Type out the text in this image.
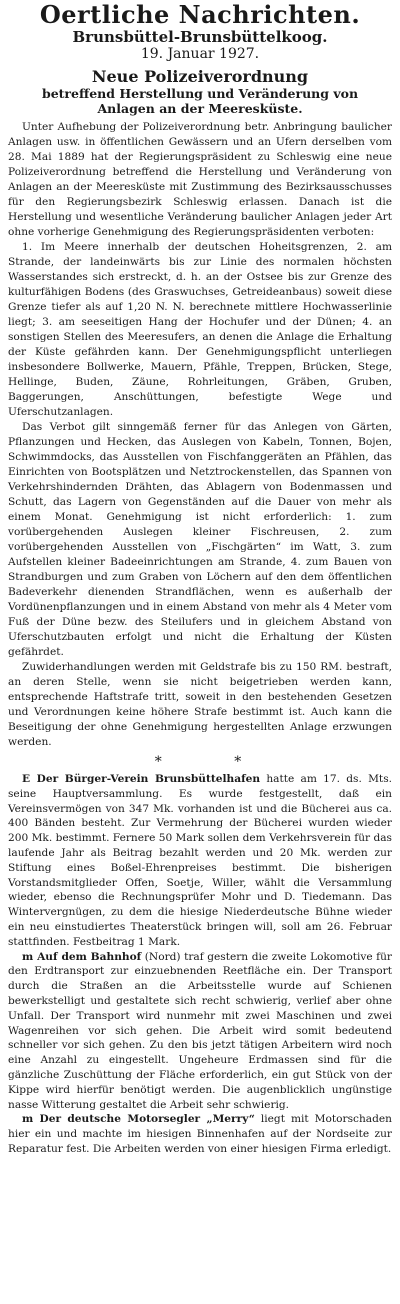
Oertliche Nachrichten.
Brunsbüttel-Brunsbüttelkoog.
19. Januar 1927.
Neue Polizeiverordnung
betreffend Herstellung und Veränderung von
Anlagen an der Meeresküste.

Unter Aufhebung der Polizeiverordnung betr. Anbringung baulicher Anlagen usw. in öffentlichen Gewässern und an Ufern derselben vom 28. Mai 1889 hat der Regierungspräsident zu Schleswig eine neue Polizeiverordnung betreffend die Herstellung und Veränderung von Anlagen an der Meeresküste mit Zustimmung des Bezirksausschusses für den Regierungsbezirk Schleswig erlassen. Danach ist die Herstellung und wesentliche Veränderung baulicher Anlagen jeder Art ohne vorherige Genehmigung des Regierungspräsidenten verboten:

1. Im Meere innerhalb der deutschen Hoheitsgrenzen, 2. am Strande, der landeinwärts bis zur Linie des normalen höchsten Wasserstandes sich erstreckt, d. h. an der Ostsee bis zur Grenze des kulturfähigen Bodens (des Graswuchses, Getreideanbaus) soweit diese Grenze tiefer als auf 1,20 N. N. berechnete mittlere Hochwasserlinie liegt; 3. am seeseitigen Hang der Hochufer und der Dünen; 4. an sonstigen Stellen des Meeresufers, an denen die Anlage die Erhaltung der Küste gefährden kann. Der Genehmigungspflicht unterliegen insbesondere Bollwerke, Mauern, Pfähle, Treppen, Brücken, Stege, Hellinge, Buden, Zäune, Rohrleitungen, Gräben, Gruben, Baggerungen, Anschüttungen, befestigte Wege und Uferschutzanlagen.

Das Verbot gilt sinngemäß ferner für das Anlegen von Gärten, Pflanzungen und Hecken, das Auslegen von Kabeln, Tonnen, Bojen, Schwimmdocks, das Ausstellen von Fischfanggeräten an Pfählen, das Einrichten von Bootsplätzen und Netztrockenstellen, das Spannen von Verkehrshindernden Drähten, das Ablagern von Bodenmassen und Schutt, das Lagern von Gegenständen auf die Dauer von mehr als einem Monat. Genehmigung ist nicht erforderlich: 1. zum vorübergehenden Auslegen kleiner Fischreusen, 2. zum vorübergehenden Ausstellen von „Fischgärten“ im Watt, 3. zum Aufstellen kleiner Badeeinrichtungen am Strande, 4. zum Bauen von Strandburgen und zum Graben von Löchern auf den dem öffentlichen Badeverkehr dienenden Strandflächen, wenn es außerhalb der Vordünenpflanzungen und in einem Abstand von mehr als 4 Meter vom Fuß der Düne bezw. des Steilufers und in gleichem Abstand von Uferschutzbauten erfolgt und nicht die Erhaltung der Küsten gefährdet.

Zuwiderhandlungen werden mit Geldstrafe bis zu 150 RM. bestraft, an deren Stelle, wenn sie nicht beigetrieben werden kann, entsprechende Haftstrafe tritt, soweit in den bestehenden Gesetzen und Verordnungen keine höhere Strafe bestimmt ist. Auch kann die Beseitigung der ohne Genehmigung hergestellten Anlage erzwungen werden.

* *

E Der Bürger-Verein Brunsbüttelhafen hatte am 17. ds. Mts. seine Hauptversammlung. Es wurde festgestellt, daß ein Vereinsvermögen von 347 Mk. vorhanden ist und die Bücherei aus ca. 400 Bänden besteht. Zur Vermehrung der Bücherei wurden wieder 200 Mk. bestimmt. Fernere 50 Mark sollen dem Verkehrsverein für das laufende Jahr als Beitrag bezahlt werden und 20 Mk. werden zur Stiftung eines Boßel-Ehrenpreises bestimmt. Die bisherigen Vorstandsmitglieder Offen, Soetje, Willer, wählt die Versammlung wieder, ebenso die Rechnungsprüfer Mohr und D. Tiedemann. Das Wintervergnügen, zu dem die hiesige Niederdeutsche Bühne wieder ein neu einstudiertes Theaterstück bringen will, soll am 26. Februar stattfinden. Festbeitrag 1 Mark.

m Auf dem Bahnhof (Nord) traf gestern die zweite Lokomotive für den Erdtransport zur einzuebnenden Reetfläche ein. Der Transport durch die Straßen an die Arbeitsstelle wurde auf Schienen bewerkstelligt und gestaltete sich recht schwierig, verlief aber ohne Unfall. Der Transport wird nunmehr mit zwei Maschinen und zwei Wagenreihen vor sich gehen. Die Arbeit wird somit bedeutend schneller vor sich gehen. Zu den bis jetzt tätigen Arbeitern wird noch eine Anzahl zu eingestellt. Ungeheure Erdmassen sind für die gänzliche Zuschüttung der Fläche erforderlich, ein gut Stück von der Kippe wird hierfür benötigt werden. Die augenblicklich ungünstige nasse Witterung gestaltet die Arbeit sehr schwierig.

m Der deutsche Motorsegler „Merry“ liegt mit Motorschaden hier ein und machte im hiesigen Binnenhafen auf der Nordseite zur Reparatur fest. Die Arbeiten werden von einer hiesigen Firma erledigt.
